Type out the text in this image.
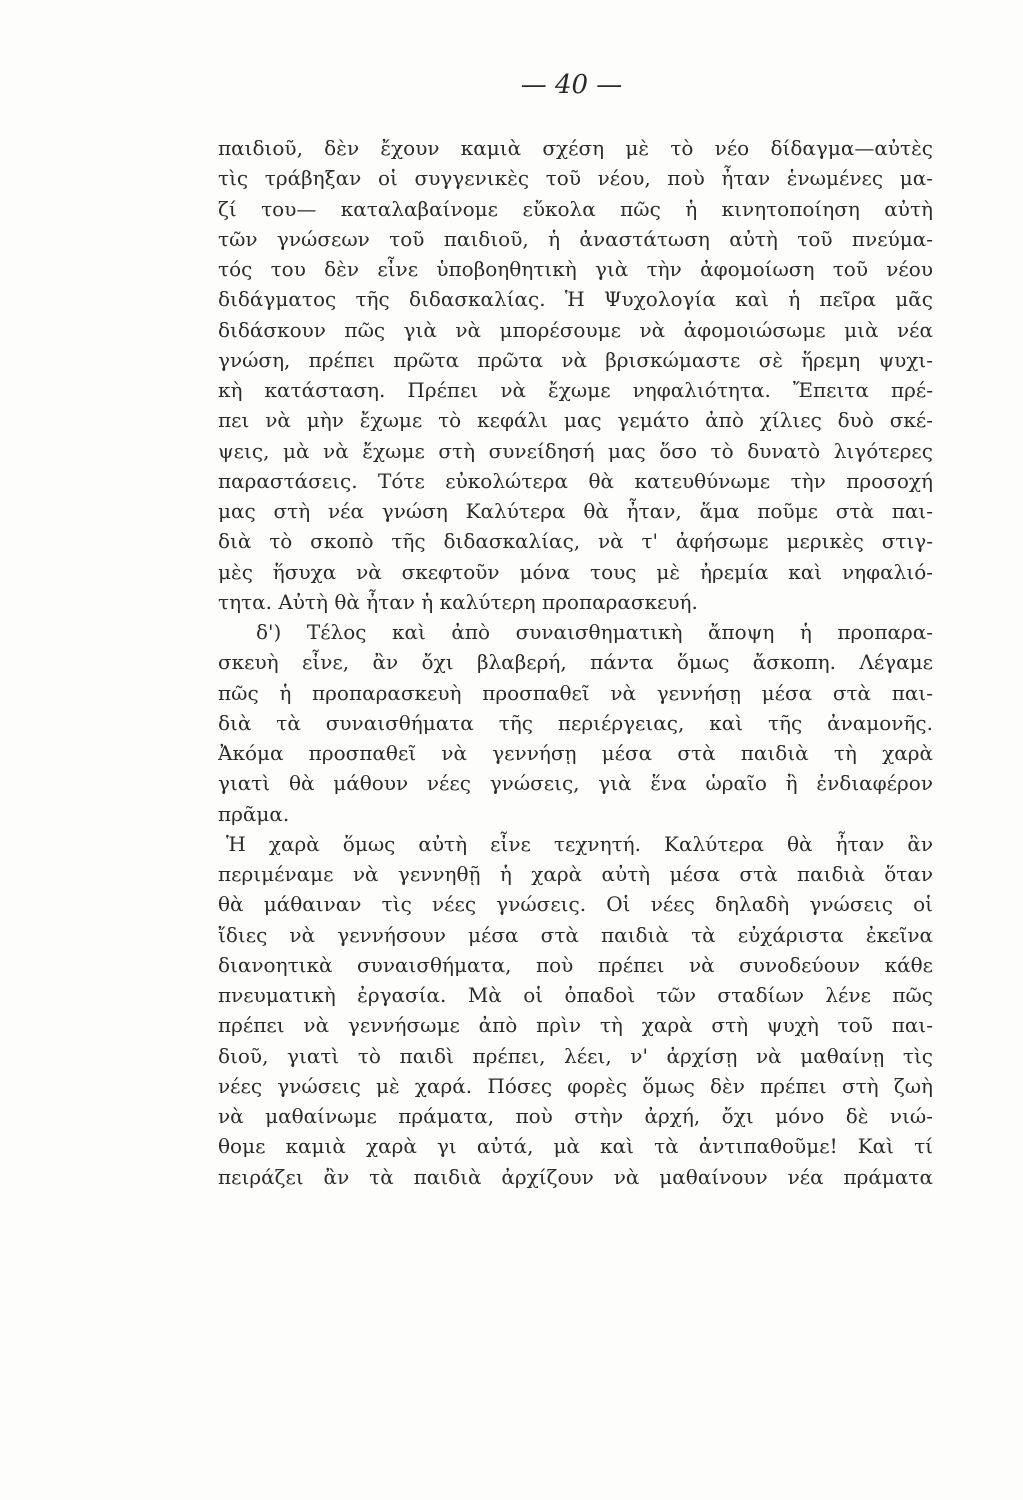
— 40 —
παιδιοῦ, δὲν ἔχουν καμιὰ σχέση μὲ τὸ νέο δίδαγμα—αὐτὲς
τὶς τράβηξαν οἱ συγγενικὲς τοῦ νέου, ποὺ ἦταν ἑνωμένες μα-
ζί του— καταλαβαίνομε εὔκολα πῶς ἡ κινητοποίηση αὐτὴ
τῶν γνώσεων τοῦ παιδιοῦ, ἡ ἀναστάτωση αὐτὴ τοῦ πνεύμα-
τός του δὲν εἶνε ὑποβοηθητικὴ γιὰ τὴν ἀφομοίωση τοῦ νέου
διδάγματος τῆς διδασκαλίας. Ἡ Ψυχολογία καὶ ἡ πεῖρα μᾶς
διδάσκουν πῶς γιὰ νὰ μπορέσουμε νὰ ἀφομοιώσωμε μιὰ νέα
γνώση, πρέπει πρῶτα πρῶτα νὰ βρισκώμαστε σὲ ἥρεμη ψυχι-
κὴ κατάσταση. Πρέπει νὰ ἔχωμε νηφαλιότητα. Ἔπειτα πρέ-
πει νὰ μὴν ἔχωμε τὸ κεφάλι μας γεμάτο ἀπὸ χίλιες δυὸ σκέ-
ψεις, μὰ νὰ ἔχωμε στὴ συνείδησή μας ὅσο τὸ δυνατὸ λιγότερες
παραστάσεις. Τότε εὐκολώτερα θὰ κατευθύνωμε τὴν προσοχή
μας στὴ νέα γνώση Καλύτερα θὰ ἦταν, ἅμα ποῦμε στὰ παι-
διὰ τὸ σκοπὸ τῆς διδασκαλίας, νὰ τ' ἀφήσωμε μερικὲς στιγ-
μὲς ἥσυχα νὰ σκεφτοῦν μόνα τους μὲ ἠρεμία καὶ νηφαλιό-
τητα. Αὐτὴ θὰ ἦταν ἡ καλύτερη προπαρασκευή.
δ') Τέλος καὶ ἀπὸ συναισθηματικὴ ἄποψη ἡ προπαρα-
σκευὴ εἶνε, ἂν ὄχι βλαβερή, πάντα ὅμως ἄσκοπη. Λέγαμε
πῶς ἡ προπαρασκευὴ προσπαθεῖ νὰ γεννήσῃ μέσα στὰ παι-
διὰ τὰ συναισθήματα τῆς περιέργειας, καὶ τῆς ἀναμονῆς.
Ἀκόμα προσπαθεῖ νὰ γεννήσῃ μέσα στὰ παιδιὰ τὴ χαρὰ
γιατὶ θὰ μάθουν νέες γνώσεις, γιὰ ἕνα ὡραῖο ἢ ἐνδιαφέρον
πρᾶμα.
Ἡ χαρὰ ὅμως αὐτὴ εἶνε τεχνητή. Καλύτερα θὰ ἦταν ἂν
περιμέναμε νὰ γεννηθῇ ἡ χαρὰ αὐτὴ μέσα στὰ παιδιὰ ὅταν
θὰ μάθαιναν τὶς νέες γνώσεις. Οἱ νέες δηλαδὴ γνώσεις οἱ
ἴδιες νὰ γεννήσουν μέσα στὰ παιδιὰ τὰ εὐχάριστα ἐκεῖνα
διανοητικὰ συναισθήματα, ποὺ πρέπει νὰ συνοδεύουν κάθε
πνευματικὴ ἐργασία. Μὰ οἱ ὀπαδοὶ τῶν σταδίων λένε πῶς
πρέπει νὰ γεννήσωμε ἀπὸ πρὶν τὴ χαρὰ στὴ ψυχὴ τοῦ παι-
διοῦ, γιατὶ τὸ παιδὶ πρέπει, λέει, ν' ἀρχίσῃ νὰ μαθαίνῃ τὶς
νέες γνώσεις μὲ χαρά. Πόσες φορὲς ὅμως δὲν πρέπει στὴ ζωὴ
νὰ μαθαίνωμε πράματα, ποὺ στὴν ἀρχή, ὄχι μόνο δὲ νιώ-
θομε καμιὰ χαρὰ γι αὐτά, μὰ καὶ τὰ ἀντιπαθοῦμε! Καὶ τί
πειράζει ἂν τὰ παιδιὰ ἀρχίζουν νὰ μαθαίνουν νέα πράματα
